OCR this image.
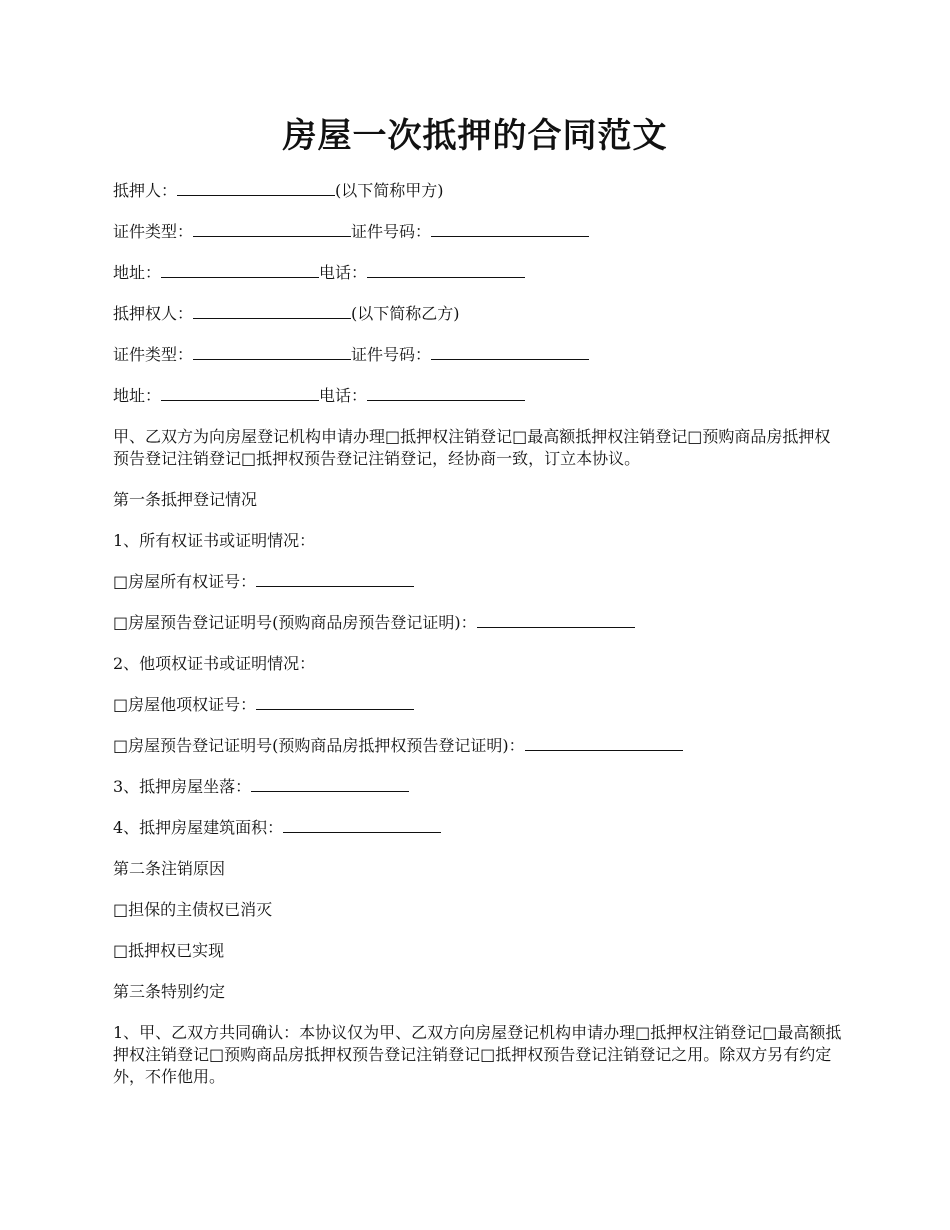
房屋一次抵押的合同范文

抵押人：	(以下简称甲方)

证件类型：	证件号码：

地址：	电话：

抵押权人：	(以下简称乙方)

证件类型：	证件号码：

地址：	电话：

甲、乙双方为向房屋登记机构申请办理□抵押权注销登记□最高额抵押权注销登记□预购商品房抵押权预告登记注销登记□抵押权预告登记注销登记，经协商一致，订立本协议。

第一条抵押登记情况

1、所有权证书或证明情况：

□房屋所有权证号：

□房屋预告登记证明号(预购商品房预告登记证明)：

2、他项权证书或证明情况：

□房屋他项权证号：

□房屋预告登记证明号(预购商品房抵押权预告登记证明)：

3、抵押房屋坐落：

4、抵押房屋建筑面积：

第二条注销原因

□担保的主债权已消灭

□抵押权已实现

第三条特别约定

1、甲、乙双方共同确认：本协议仅为甲、乙双方向房屋登记机构申请办理□抵押权注销登记□最高额抵押权注销登记□预购商品房抵押权预告登记注销登记□抵押权预告登记注销登记之用。除双方另有约定外，不作他用。
